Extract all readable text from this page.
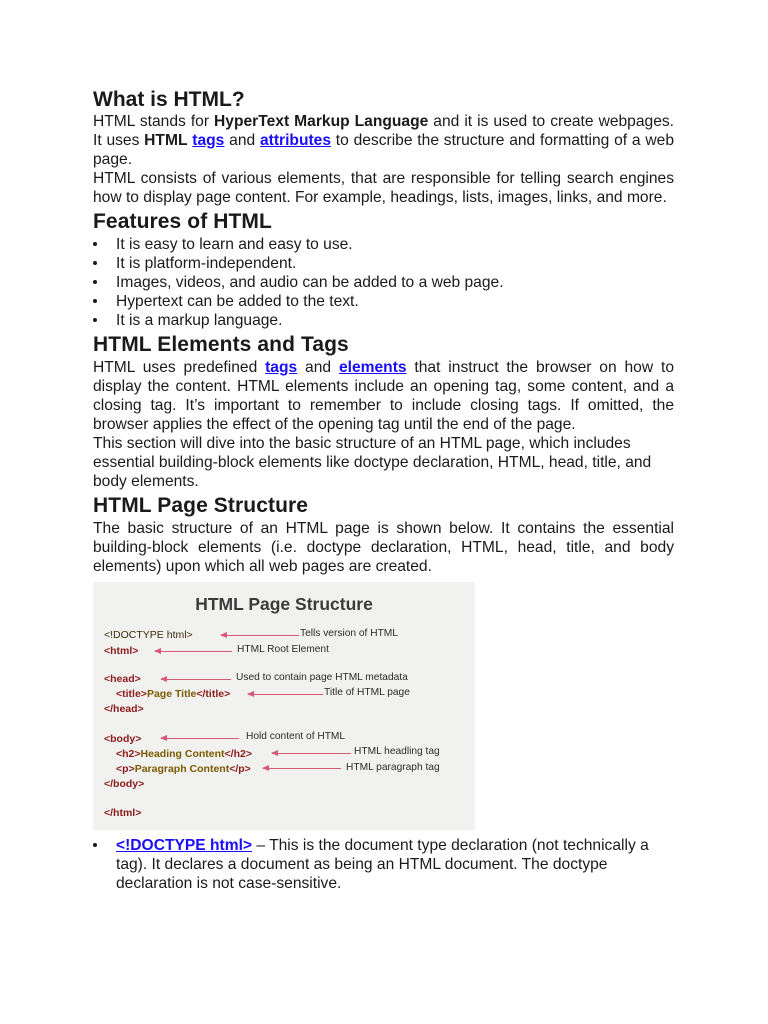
What is HTML?

HTML stands for HyperText Markup Language and it is used to create webpages. It uses HTML tags and attributes to describe the structure and formatting of a web page.

HTML consists of various elements, that are responsible for telling search engines how to display page content. For example, headings, lists, images, links, and more.

Features of HTML
It is easy to learn and easy to use.
It is platform-independent.
Images, videos, and audio can be added to a web page.
Hypertext can be added to the text.
It is a markup language.
HTML Elements and Tags

HTML uses predefined tags and elements that instruct the browser on how to display the content. HTML elements include an opening tag, some content, and a closing tag. It’s important to remember to include closing tags. If omitted, the browser applies the effect of the opening tag until the end of the page.

This section will dive into the basic structure of an HTML page, which includes essential building-block elements like doctype declaration, HTML, head, title, and body elements.

HTML Page Structure

The basic structure of an HTML page is shown below. It contains the essential building-block elements (i.e. doctype declaration, HTML, head, title, and body elements) upon which all web pages are created.

HTML Page Structure
<!DOCTYPE html>
<html>
<head>
<title>Page Title</title>
</head>
<body>
<h2>Heading Content</h2>
<p>Paragraph Content</p>
</body>
</html>
Tells version of HTML
HTML Root Element
Used to contain page HTML metadata
Title of HTML page
Hold content of HTML
HTML headling tag
HTML paragraph tag
<!DOCTYPE html> – This is the document type declaration (not technically a tag). It declares a document as being an HTML document. The doctype declaration is not case-sensitive.
